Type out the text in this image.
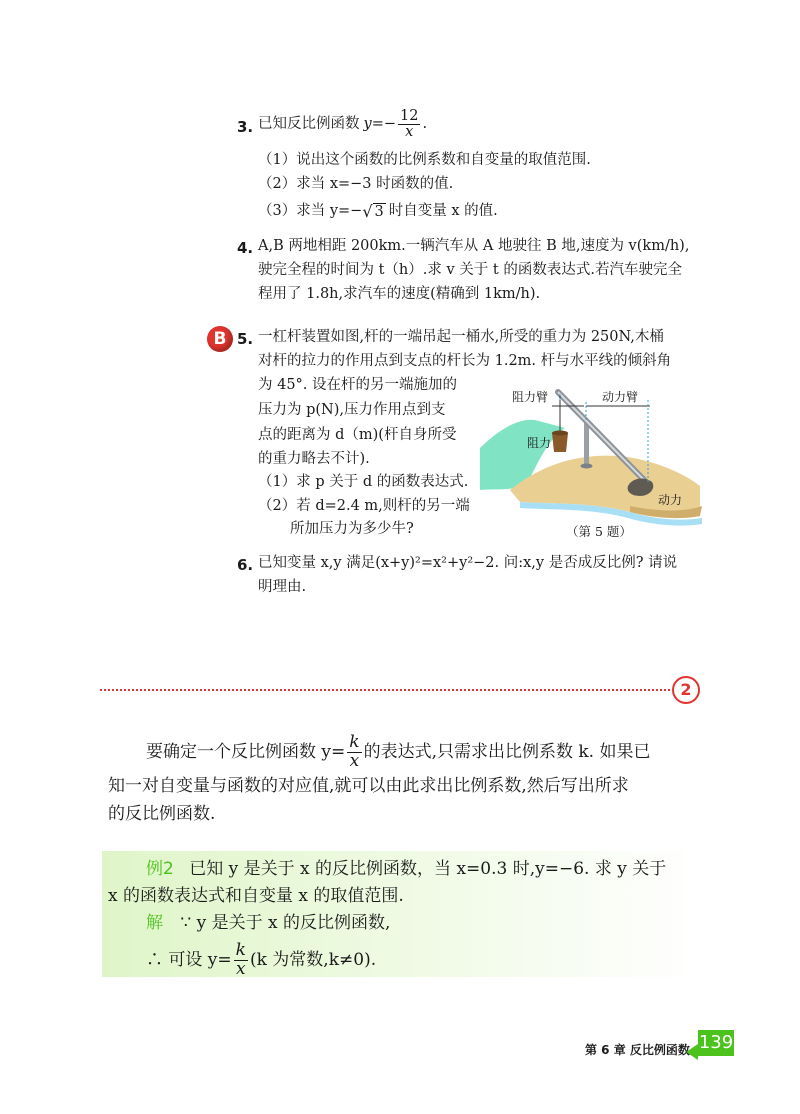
3. 已知反比例函数 $y=- \frac{12}{x}$ .
（1）说出这个函数的比例系数和自变量的取值范围.
（2）求当 x=−3 时函数的值.
（3）求当 y=− √ 3 时自变量 x 的值.
4. A,B 两地相距 200km.一辆汽车从 A 地驶往 B 地,速度为 v(km/h),
驶完全程的时间为 t（h）.求 v 关于 t 的函数表达式.若汽车驶完全
程用了 1.8h,求汽车的速度(精确到 1km/h).
B 5. 一杠杆装置如图,杆的一端吊起一桶水,所受的重力为 250N,木桶
对杆的拉力的作用点到支点的杆长为 1.2m. 杆与水平线的倾斜角
为 45°. 设在杆的另一端施加的
压力为 p(N),压力作用点到支
点的距离为 d（m)(杆自身所受
的重力略去不计).
（1）求 p 关于 d 的函数表达式.
（2）若 d=2.4 m,则杆的另一端
所加压力为多少牛?
阻力臂	动力臂
阻力
动力
（第 5 题）
6. 已知变量 x,y 满足(x+y)²=x²+y²−2. 问:x,y 是否成反比例? 请说
明理由.
2
要确定一个反比例函数 $y= \frac{k}{x}$ 的表达式,只需求出比例系数 k. 如果已
知一对自变量与函数的对应值,就可以由此求出比例系数,然后写出所求
的反比例函数.
例2 已知 y 是关于 x 的反比例函数，当 x=0.3 时,y=−6. 求 y 关于
x 的函数表达式和自变量 x 的取值范围.
解 ∵ y 是关于 x 的反比例函数,
∴ 可设 $y= \frac{k}{x} (k$ 为常数,k≠0).
第 6 章 反比例函数 139
